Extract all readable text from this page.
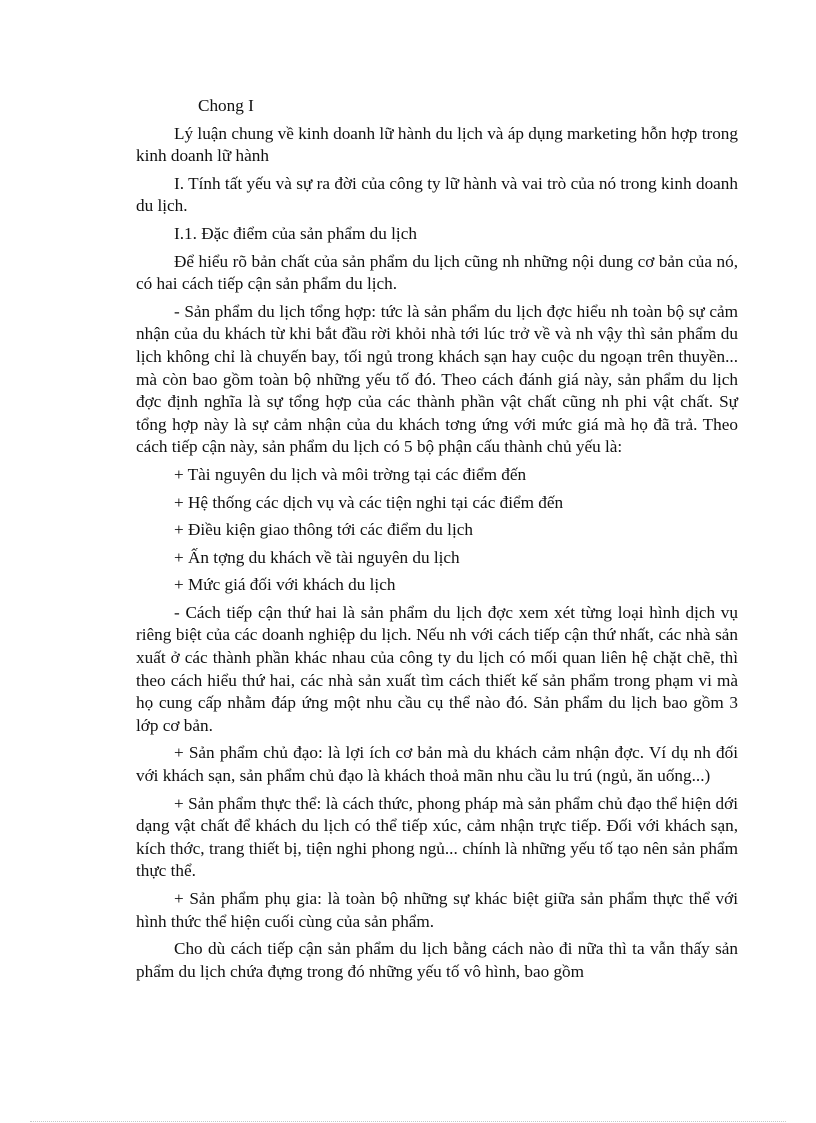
Chong I

Lý luận chung về kinh doanh lữ hành du lịch và áp dụng marketing hỗn hợp trong kinh doanh lữ hành

I. Tính tất yếu và sự ra đời của công ty lữ hành và vai trò của nó trong kinh doanh du lịch.

I.1. Đặc điểm của sản phẩm du lịch

Để hiểu rõ bản chất của sản phẩm du lịch cũng nh những nội dung cơ bản của nó, có hai cách tiếp cận sản phẩm du lịch.

- Sản phẩm du lịch tổng hợp: tức là sản phẩm du lịch đợc hiểu nh toàn bộ sự cảm nhận của du khách từ khi bắt đầu rời khỏi nhà tới lúc trở về và nh vậy thì sản phẩm du lịch không chỉ là chuyến bay, tối ngủ trong khách sạn hay cuộc du ngoạn trên thuyền... mà còn bao gồm toàn bộ những yếu tố đó. Theo cách đánh giá này, sản phẩm du lịch đợc định nghĩa là sự tổng hợp của các thành phần vật chất cũng nh phi vật chất. Sự tổng hợp này là sự cảm nhận của du khách tơng ứng với mức giá mà họ đã trả. Theo cách tiếp cận này, sản phẩm du lịch có 5 bộ phận cấu thành chủ yếu là:

+ Tài nguyên du lịch và môi trờng tại các điểm đến

+ Hệ thống các dịch vụ và các tiện nghi tại các điểm đến

+ Điều kiện giao thông tới các điểm du lịch

+ Ấn tợng du khách về tài nguyên du lịch

+ Mức giá đối với khách du lịch

- Cách tiếp cận thứ hai là sản phẩm du lịch đợc xem xét từng loại hình dịch vụ riêng biệt của các doanh nghiệp du lịch. Nếu nh với cách tiếp cận thứ nhất, các nhà sản xuất ở các thành phần khác nhau của công ty du lịch có mối quan liên hệ chặt chẽ, thì theo cách hiểu thứ hai, các nhà sản xuất tìm cách thiết kế sản phẩm trong phạm vi mà họ cung cấp nhằm đáp ứng một nhu cầu cụ thể nào đó. Sản phẩm du lịch bao gồm 3 lớp cơ bản.

+ Sản phẩm chủ đạo: là lợi ích cơ bản mà du khách cảm nhận đợc. Ví dụ nh đối với khách sạn, sản phẩm chủ đạo là khách thoả mãn nhu cầu lu trú (ngủ, ăn uống...)

+ Sản phẩm thực thể: là cách thức, phong pháp mà sản phẩm chủ đạo thể hiện dới dạng vật chất để khách du lịch có thể tiếp xúc, cảm nhận trực tiếp. Đối với khách sạn, kích thớc, trang thiết bị, tiện nghi phong ngủ... chính là những yếu tố tạo nên sản phẩm thực thể.

+ Sản phẩm phụ gia: là toàn bộ những sự khác biệt giữa sản phẩm thực thể với hình thức thể hiện cuối cùng của sản phẩm.

Cho dù cách tiếp cận sản phẩm du lịch bằng cách nào đi nữa thì ta vẫn thấy sản phẩm du lịch chứa đựng trong đó những yếu tố vô hình, bao gồm
